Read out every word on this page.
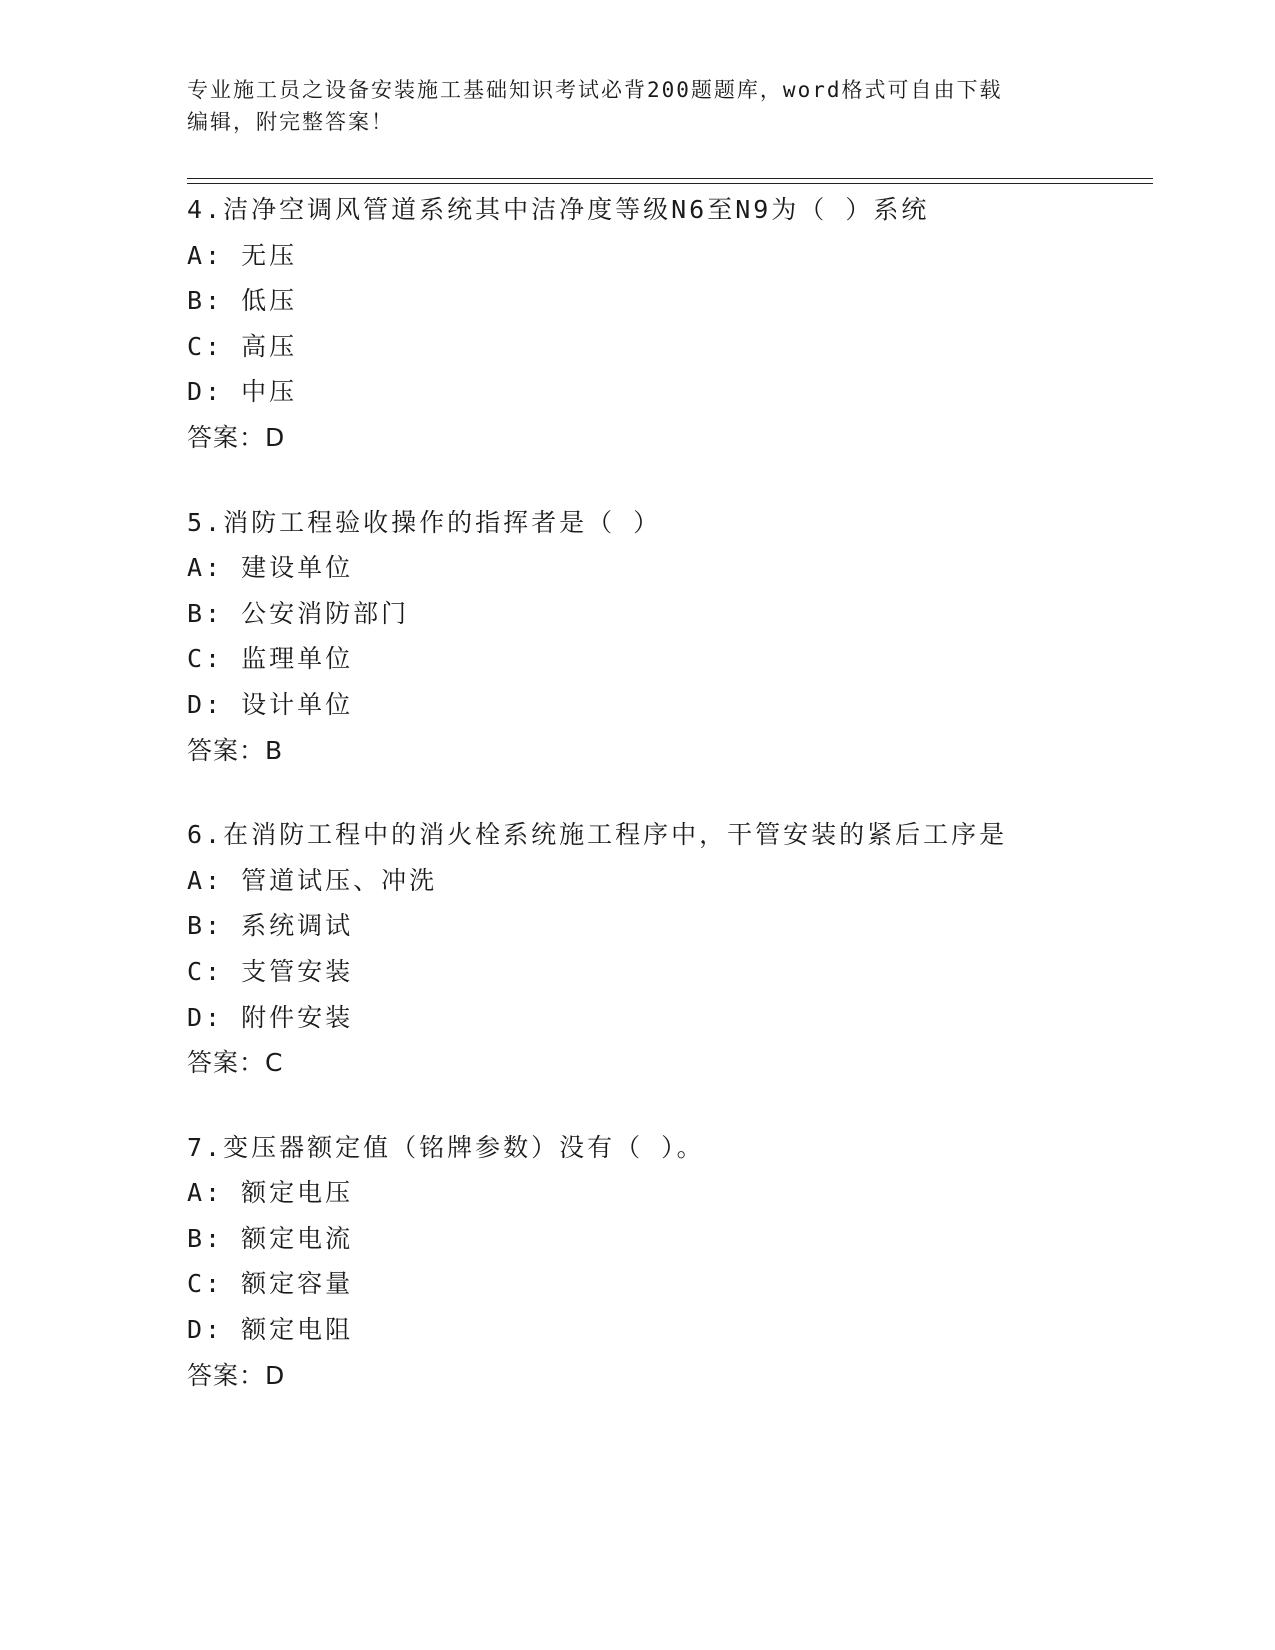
专业施工员之设备安装施工基础知识考试必背200题题库，word格式可自由下载

编辑，附完整答案！

4.洁净空调风管道系统其中洁净度等级N6至N9为（ ）系统
A: 无压
B: 低压
C: 高压
D: 中压
答案：D
5.消防工程验收操作的指挥者是（ ）
A: 建设单位
B: 公安消防部门
C: 监理单位
D: 设计单位
答案：B
6.在消防工程中的消火栓系统施工程序中，干管安装的紧后工序是
A: 管道试压、冲洗
B: 系统调试
C: 支管安装
D: 附件安装
答案：C
7.变压器额定值（铭牌参数）没有（ ）。
A: 额定电压
B: 额定电流
C: 额定容量
D: 额定电阻
答案：D
